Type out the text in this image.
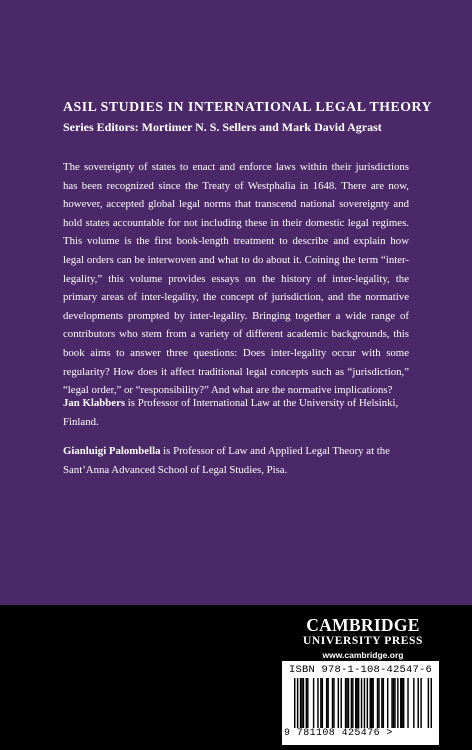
ASIL STUDIES IN INTERNATIONAL LEGAL THEORY
Series Editors: Mortimer N. S. Sellers and Mark David Agrast
The sovereignty of states to enact and enforce laws within their jurisdictions has been recognized since the Treaty of Westphalia in 1648. There are now, however, accepted global legal norms that transcend national sovereignty and hold states accountable for not including these in their domestic legal regimes. This volume is the first book-length treatment to describe and explain how legal orders can be interwoven and what to do about it. Coining the term “inter-legality,” this volume provides essays on the history of inter-legality, the primary areas of inter-legality, the concept of jurisdiction, and the normative developments prompted by inter-legality. Bringing together a wide range of contributors who stem from a variety of different academic backgrounds, this book aims to answer three questions: Does inter-legality occur with some regularity? How does it affect traditional legal concepts such as “jurisdiction,” “legal order,” or “responsibility?” And what are the normative implications?
Jan Klabbers is Professor of International Law at the University of Helsinki, Finland.
Gianluigi Palombella is Professor of Law and Applied Legal Theory at the Sant’Anna Advanced School of Legal Studies, Pisa.
CAMBRIDGE
UNIVERSITY PRESS
www.cambridge.org
ISBN 978-1-108-42547-6
9 781108 425476 >
